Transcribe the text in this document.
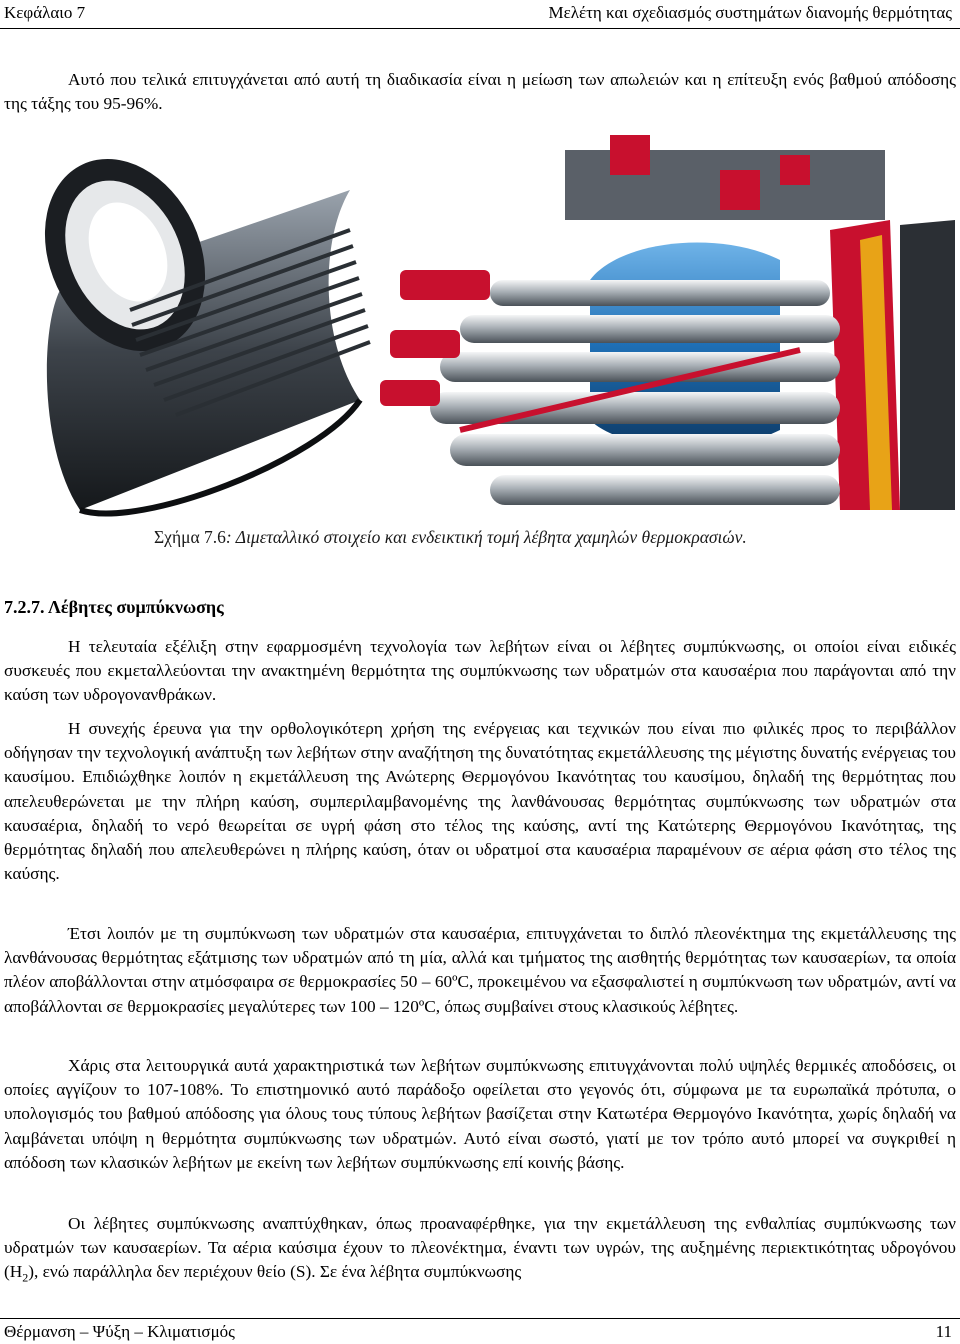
Κεφάλαιο 7	Μελέτη και σχεδιασμός συστημάτων διανομής θερμότητας

Αυτό που τελικά επιτυγχάνεται από αυτή τη διαδικασία είναι η μείωση των απωλειών και η επίτευξη ενός βαθμού απόδοσης της τάξης του 95-96%.

Σχήμα 7.6: Διμεταλλικό στοιχείο και ενδεικτική τομή λέβητα χαμηλών θερμοκρασιών.
7.2.7. Λέβητες συμπύκνωσης

Η τελευταία εξέλιξη στην εφαρμοσμένη τεχνολογία των λεβήτων είναι οι λέβητες συμπύκνωσης, οι οποίοι είναι ειδικές συσκευές που εκμεταλλεύονται την ανακτημένη θερμότητα της συμπύκνωσης των υδρατμών στα καυσαέρια που παράγονται από την καύση των υδρογονανθράκων.

Η συνεχής έρευνα για την ορθολογικότερη χρήση της ενέργειας και τεχνικών που είναι πιο φιλικές προς το περιβάλλον οδήγησαν την τεχνολογική ανάπτυξη των λεβήτων στην αναζήτηση της δυνατότητας εκμετάλλευσης της μέγιστης δυνατής ενέργειας του καυσίμου. Επιδιώχθηκε λοιπόν η εκμετάλλευση της Ανώτερης Θερμογόνου Ικανότητας του καυσίμου, δηλαδή της θερμότητας που απελευθερώνεται με την πλήρη καύση, συμπεριλαμβανομένης της λανθάνουσας θερμότητας συμπύκνωσης των υδρατμών στα καυσαέρια, δηλαδή το νερό θεωρείται σε υγρή φάση στο τέλος της καύσης, αντί της Κατώτερης Θερμογόνου Ικανότητας, της θερμότητας δηλαδή που απελευθερώνει η πλήρης καύση, όταν οι υδρατμοί στα καυσαέρια παραμένουν σε αέρια φάση στο τέλος της καύσης.

Έτσι λοιπόν με τη συμπύκνωση των υδρατμών στα καυσαέρια, επιτυγχάνεται το διπλό πλεονέκτημα της εκμετάλλευσης της λανθάνουσας θερμότητας εξάτμισης των υδρατμών από τη μία, αλλά και τμήματος της αισθητής θερμότητας των καυσαερίων, τα οποία πλέον αποβάλλονται στην ατμόσφαιρα σε θερμοκρασίες 50 – 60ºC, προκειμένου να εξασφαλιστεί η συμπύκνωση των υδρατμών, αντί να αποβάλλονται σε θερμοκρασίες μεγαλύτερες των 100 – 120ºC, όπως συμβαίνει στους κλασικούς λέβητες.

Χάρις στα λειτουργικά αυτά χαρακτηριστικά των λεβήτων συμπύκνωσης επιτυγχάνονται πολύ υψηλές θερμικές αποδόσεις, οι οποίες αγγίζουν το 107-108%. Το επιστημονικό αυτό παράδοξο οφείλεται στο γεγονός ότι, σύμφωνα με τα ευρωπαϊκά πρότυπα, ο υπολογισμός του βαθμού απόδοσης για όλους τους τύπους λεβήτων βασίζεται στην Κατωτέρα Θερμογόνο Ικανότητα, χωρίς δηλαδή να λαμβάνεται υπόψη η θερμότητα συμπύκνωσης των υδρατμών. Αυτό είναι σωστό, γιατί με τον τρόπο αυτό μπορεί να συγκριθεί η απόδοση των κλασικών λεβήτων με εκείνη των λεβήτων συμπύκνωσης επί κοινής βάσης.

Οι λέβητες συμπύκνωσης αναπτύχθηκαν, όπως προαναφέρθηκε, για την εκμετάλλευση της ενθαλπίας συμπύκνωσης των υδρατμών των καυσαερίων. Τα αέρια καύσιμα έχουν το πλεονέκτημα, έναντι των υγρών, της αυξημένης περιεκτικότητας υδρογόνου $(H_2)$, ενώ παράλληλα δεν περιέχουν θείο (S). Σε ένα λέβητα συμπύκνωσης

Θέρμανση – Ψύξη – Κλιματισμός	11
